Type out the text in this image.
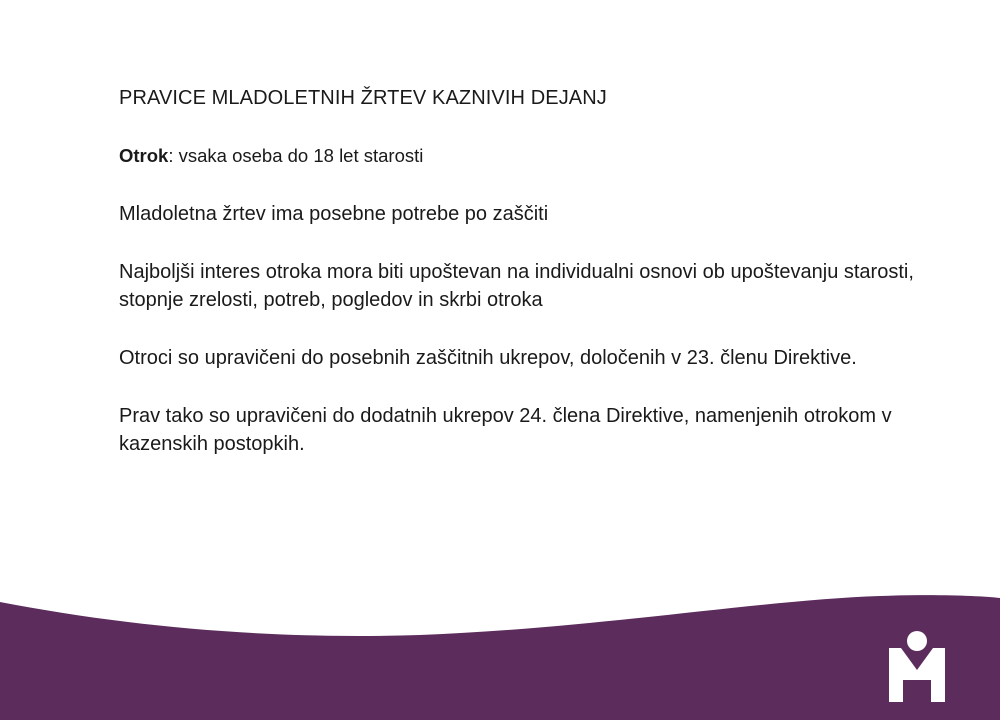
PRAVICE MLADOLETNIH ŽRTEV KAZNIVIH DEJANJ
Otrok: vsaka oseba do 18 let starosti
Mladoletna žrtev ima posebne potrebe po zaščiti
Najboljši interes otroka mora biti upoštevan na individualni osnovi ob upoštevanju starosti, stopnje zrelosti, potreb, pogledov in skrbi otroka
Otroci so upravičeni do posebnih zaščitnih ukrepov, določenih v 23. členu Direktive.
Prav tako so upravičeni do dodatnih ukrepov 24. člena Direktive, namenjenih otrokom v kazenskih postopkih.
